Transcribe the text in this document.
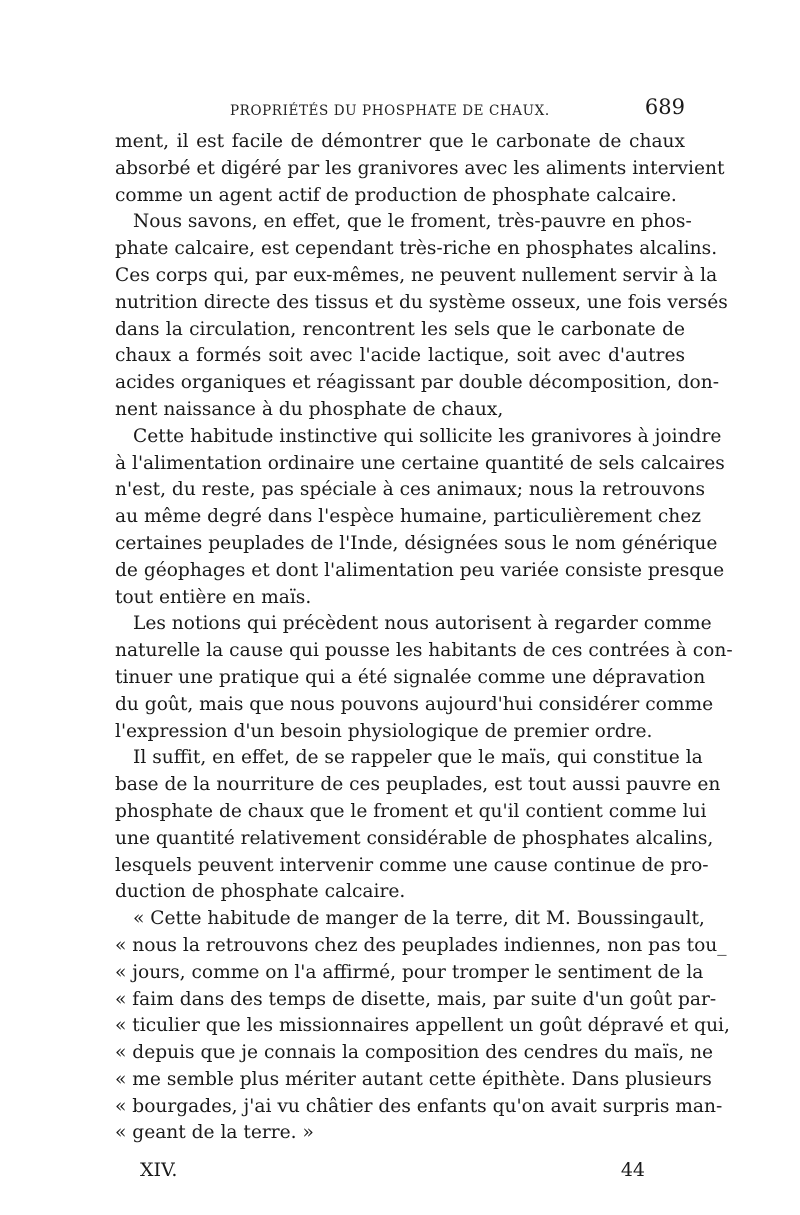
PROPRIÉTÉS DU PHOSPHATE DE CHAUX.	689
ment, il est facile de démontrer que le carbonate de chaux
absorbé et digéré par les granivores avec les aliments intervient
comme un agent actif de production de phosphate calcaire.
Nous savons, en effet, que le froment, très-pauvre en phos-
phate calcaire, est cependant très-riche en phosphates alcalins.
Ces corps qui, par eux-mêmes, ne peuvent nullement servir à la
nutrition directe des tissus et du système osseux, une fois versés
dans la circulation, rencontrent les sels que le carbonate de
chaux a formés soit avec l'acide lactique, soit avec d'autres
acides organiques et réagissant par double décomposition, don-
nent naissance à du phosphate de chaux,
Cette habitude instinctive qui sollicite les granivores à joindre
à l'alimentation ordinaire une certaine quantité de sels calcaires
n'est, du reste, pas spéciale à ces animaux; nous la retrouvons
au même degré dans l'espèce humaine, particulièrement chez
certaines peuplades de l'Inde, désignées sous le nom générique
de géophages et dont l'alimentation peu variée consiste presque
tout entière en maïs.
Les notions qui précèdent nous autorisent à regarder comme
naturelle la cause qui pousse les habitants de ces contrées à con-
tinuer une pratique qui a été signalée comme une dépravation
du goût, mais que nous pouvons aujourd'hui considérer comme
l'expression d'un besoin physiologique de premier ordre.
Il suffit, en effet, de se rappeler que le maïs, qui constitue la
base de la nourriture de ces peuplades, est tout aussi pauvre en
phosphate de chaux que le froment et qu'il contient comme lui
une quantité relativement considérable de phosphates alcalins,
lesquels peuvent intervenir comme une cause continue de pro-
duction de phosphate calcaire.
« Cette habitude de manger de la terre, dit M. Boussingault,
« nous la retrouvons chez des peuplades indiennes, non pas tou_
« jours, comme on l'a affirmé, pour tromper le sentiment de la
« faim dans des temps de disette, mais, par suite d'un goût par-
« ticulier que les missionnaires appellent un goût dépravé et qui,
« depuis que je connais la composition des cendres du maïs, ne
« me semble plus mériter autant cette épithète. Dans plusieurs
« bourgades, j'ai vu châtier des enfants qu'on avait surpris man-
« geant de la terre. »
XIV.	44
